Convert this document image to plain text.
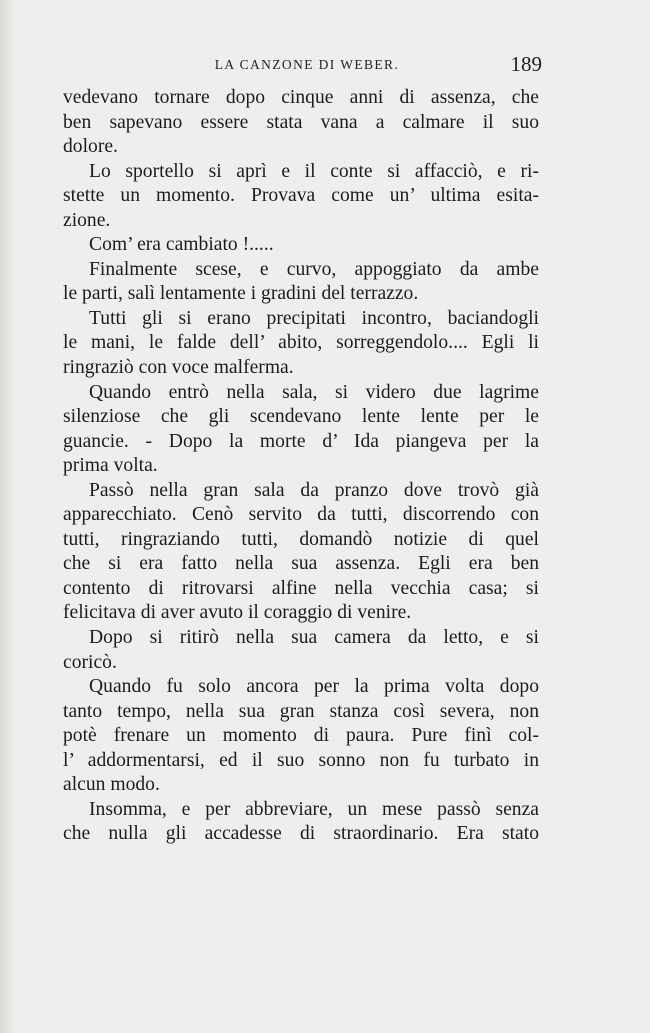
LA CANZONE DI WEBER.	189
vedevano tornare dopo cinque anni di assenza, che
ben sapevano essere stata vana a calmare il suo
dolore.
Lo sportello si aprì e il conte si affacciò, e ri-
stette un momento. Provava come un’ ultima esita-
zione.
Com’ era cambiato !.....
Finalmente scese, e curvo, appoggiato da ambe
le parti, salì lentamente i gradini del terrazzo.
Tutti gli si erano precipitati incontro, baciandogli
le mani, le falde dell’ abito, sorreggendolo.... Egli li
ringraziò con voce malferma.
Quando entrò nella sala, si videro due lagrime
silenziose che gli scendevano lente lente per le
guancie. - Dopo la morte d’ Ida piangeva per la
prima volta.
Passò nella gran sala da pranzo dove trovò già
apparecchiato. Cenò servito da tutti, discorrendo con
tutti, ringraziando tutti, domandò notizie di quel
che si era fatto nella sua assenza. Egli era ben
contento di ritrovarsi alfine nella vecchia casa; si
felicitava di aver avuto il coraggio di venire.
Dopo si ritirò nella sua camera da letto, e si
coricò.
Quando fu solo ancora per la prima volta dopo
tanto tempo, nella sua gran stanza così severa, non
potè frenare un momento di paura. Pure finì col-
l’ addormentarsi, ed il suo sonno non fu turbato in
alcun modo.
Insomma, e per abbreviare, un mese passò senza
che nulla gli accadesse di straordinario. Era stato
